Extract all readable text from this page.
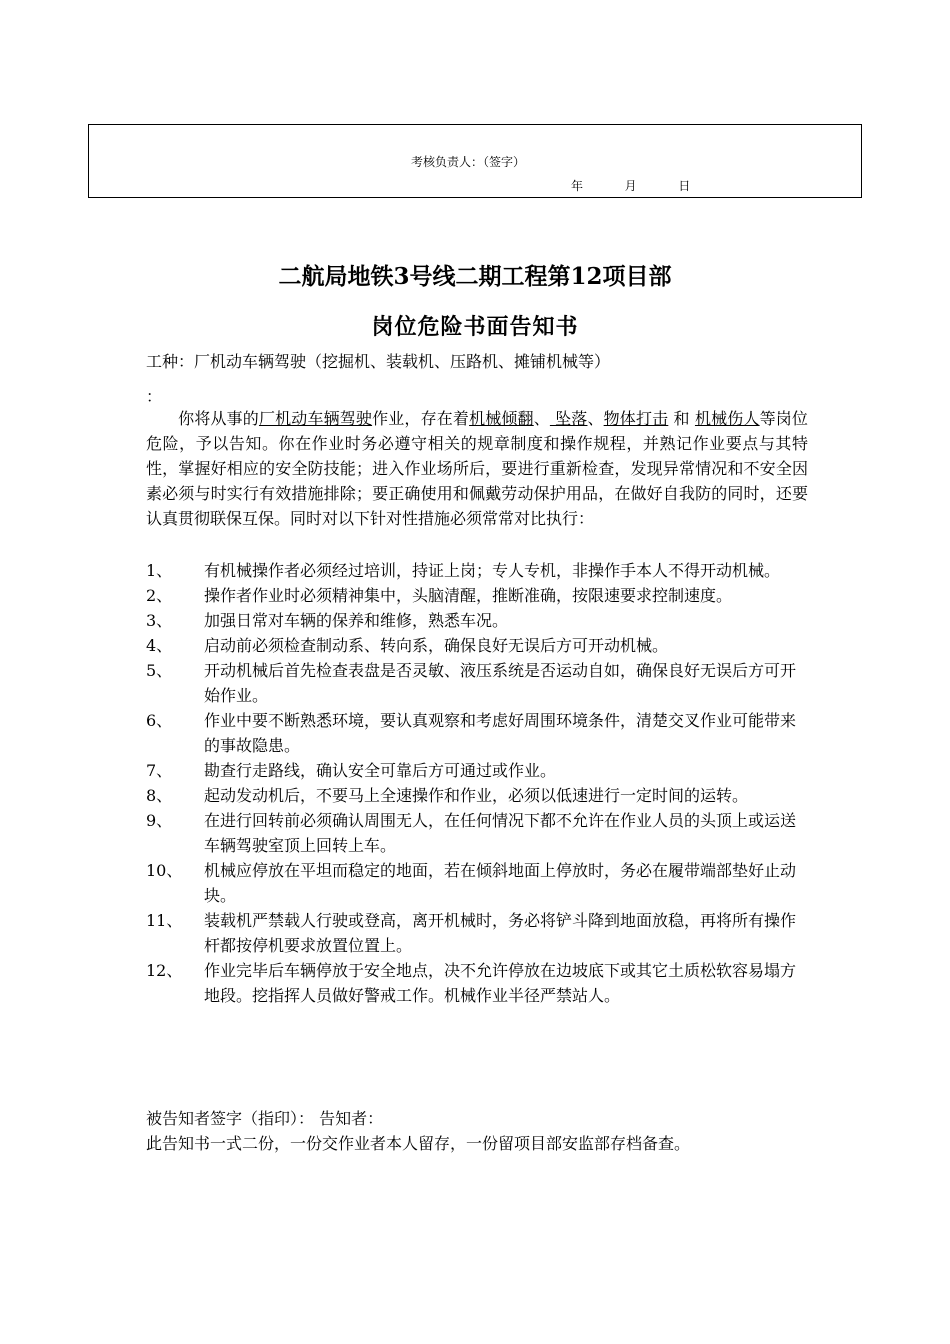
考核负责人：（签字）
年	月	日
二航局地铁3号线二期工程第12项目部
岗位危险书面告知书
工种：厂机动车辆驾驶（挖掘机、装载机、压路机、摊铺机械等）
：
你将从事的厂机动车辆驾驶作业，存在着机械倾翻、 坠落、物体打击 和 机械伤人等岗位危险，予以告知。你在作业时务必遵守相关的规章制度和操作规程，并熟记作业要点与其特性，掌握好相应的安全防技能；进入作业场所后，要进行重新检查，发现异常情况和不安全因素必须与时实行有效措施排除；要正确使用和佩戴劳动保护用品，在做好自我防的同时，还要认真贯彻联保互保。同时对以下针对性措施必须常常对比执行：
1、 有机械操作者必须经过培训，持证上岗；专人专机，非操作手本人不得开动机械。
2、 操作者作业时必须精神集中，头脑清醒，推断准确，按限速要求控制速度。
3、 加强日常对车辆的保养和维修，熟悉车况。
4、 启动前必须检查制动系、转向系，确保良好无误后方可开动机械。
5、 开动机械后首先检查表盘是否灵敏、液压系统是否运动自如，确保良好无误后方可开始作业。
6、 作业中要不断熟悉环境，要认真观察和考虑好周围环境条件，清楚交叉作业可能带来的事故隐患。
7、 勘查行走路线，确认安全可靠后方可通过或作业。
8、 起动发动机后，不要马上全速操作和作业，必须以低速进行一定时间的运转。
9、 在进行回转前必须确认周围无人，在任何情况下都不允许在作业人员的头顶上或运送车辆驾驶室顶上回转上车。
10、 机械应停放在平坦而稳定的地面，若在倾斜地面上停放时，务必在履带端部垫好止动块。
11、 装载机严禁载人行驶或登高，离开机械时，务必将铲斗降到地面放稳，再将所有操作杆都按停机要求放置位置上。
12、 作业完毕后车辆停放于安全地点，决不允许停放在边坡底下或其它土质松软容易塌方地段。挖指挥人员做好警戒工作。机械作业半径严禁站人。
被告知者签字（指印）： 告知者：
此告知书一式二份，一份交作业者本人留存，一份留项目部安监部存档备查。
